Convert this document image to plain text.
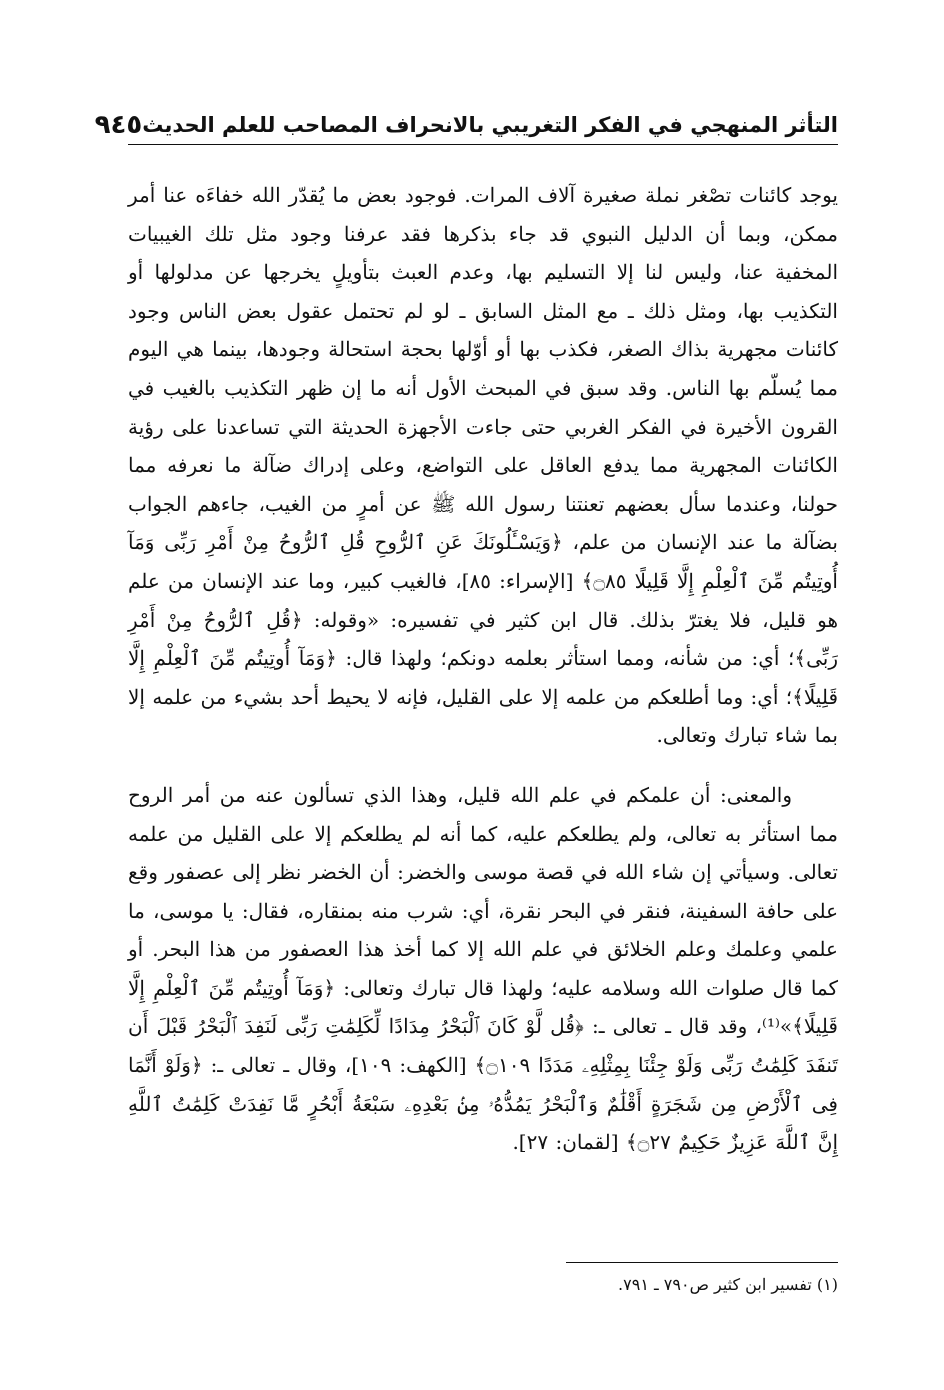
التأثر المنهجي في الفكر التغريبي بالانحراف المصاحب للعلم الحديث
٩٤٥

يوجد كائنات تصْغر نملة صغيرة آلاف المرات. فوجود بعض ما يُقدّر الله خفاءَه عنا أمر ممكن، وبما أن الدليل النبوي قد جاء بذكرها فقد عرفنا وجود مثل تلك الغيبيات المخفية عنا، وليس لنا إلا التسليم بها، وعدم العبث بتأويلٍ يخرجها عن مدلولها أو التكذيب بها، ومثل ذلك ـ مع المثل السابق ـ لو لم تحتمل عقول بعض الناس وجود كائنات مجهرية بذاك الصغر، فكذب بها أو أوّلها بحجة استحالة وجودها، بينما هي اليوم مما يُسلّم بها الناس. وقد سبق في المبحث الأول أنه ما إن ظهر التكذيب بالغيب في القرون الأخيرة في الفكر الغربي حتى جاءت الأجهزة الحديثة التي تساعدنا على رؤية الكائنات المجهرية مما يدفع العاقل على التواضع، وعلى إدراك ضآلة ما نعرفه مما حولنا، وعندما سأل بعضهم تعنتنا رسول الله ﷺ عن أمرٍ من الغيب، جاءهم الجواب بضآلة ما عند الإنسان من علم، ﴿وَيَسْـَٔلُونَكَ عَنِ ٱلرُّوحِ قُلِ ٱلرُّوحُ مِنْ أَمْرِ رَبِّى وَمَآ أُوتِيتُم مِّنَ ٱلْعِلْمِ إِلَّا قَلِيلًا ۝٨٥﴾ [الإسراء: ٨٥]، فالغيب كبير، وما عند الإنسان من علم هو قليل، فلا يغترّ بذلك. قال ابن كثير في تفسيره: «وقوله: ﴿قُلِ ٱلرُّوحُ مِنْ أَمْرِ رَبِّى﴾؛ أي: من شأنه، ومما استأثر بعلمه دونكم؛ ولهذا قال: ﴿وَمَآ أُوتِيتُم مِّنَ ٱلْعِلْمِ إِلَّا قَلِيلًا﴾؛ أي: وما أطلعكم من علمه إلا على القليل، فإنه لا يحيط أحد بشيء من علمه إلا بما شاء تبارك وتعالى.

والمعنى: أن علمكم في علم الله قليل، وهذا الذي تسألون عنه من أمر الروح مما استأثر به تعالى، ولم يطلعكم عليه، كما أنه لم يطلعكم إلا على القليل من علمه تعالى. وسيأتي إن شاء الله في قصة موسى والخضر: أن الخضر نظر إلى عصفور وقع على حافة السفينة، فنقر في البحر نقرة، أي: شرب منه بمنقاره، فقال: يا موسى، ما علمي وعلمك وعلم الخلائق في علم الله إلا كما أخذ هذا العصفور من هذا البحر. أو كما قال صلوات الله وسلامه عليه؛ ولهذا قال تبارك وتعالى: ﴿وَمَآ أُوتِيتُم مِّنَ ٱلْعِلْمِ إِلَّا قَلِيلًا﴾»⁽¹⁾، وقد قال ـ تعالى ـ: ﴿قُل لَّوْ كَانَ ٱلْبَحْرُ مِدَادًا لِّكَلِمَٰتِ رَبِّى لَنَفِدَ ٱلْبَحْرُ قَبْلَ أَن تَنفَدَ كَلِمَٰتُ رَبِّى وَلَوْ جِئْنَا بِمِثْلِهِۦ مَدَدًا ۝١٠٩﴾ [الكهف: ١٠٩]، وقال ـ تعالى ـ: ﴿وَلَوْ أَنَّمَا فِى ٱلْأَرْضِ مِن شَجَرَةٍ أَقْلَٰمٌ وَٱلْبَحْرُ يَمُدُّهُۥ مِنۢ بَعْدِهِۦ سَبْعَةُ أَبْحُرٍ مَّا نَفِدَتْ كَلِمَٰتُ ٱللَّهِ إِنَّ ٱللَّهَ عَزِيزٌ حَكِيمٌ ۝٢٧﴾ [لقمان: ٢٧].

(١) تفسير ابن كثير ص٧٩٠ ـ ٧٩١.
